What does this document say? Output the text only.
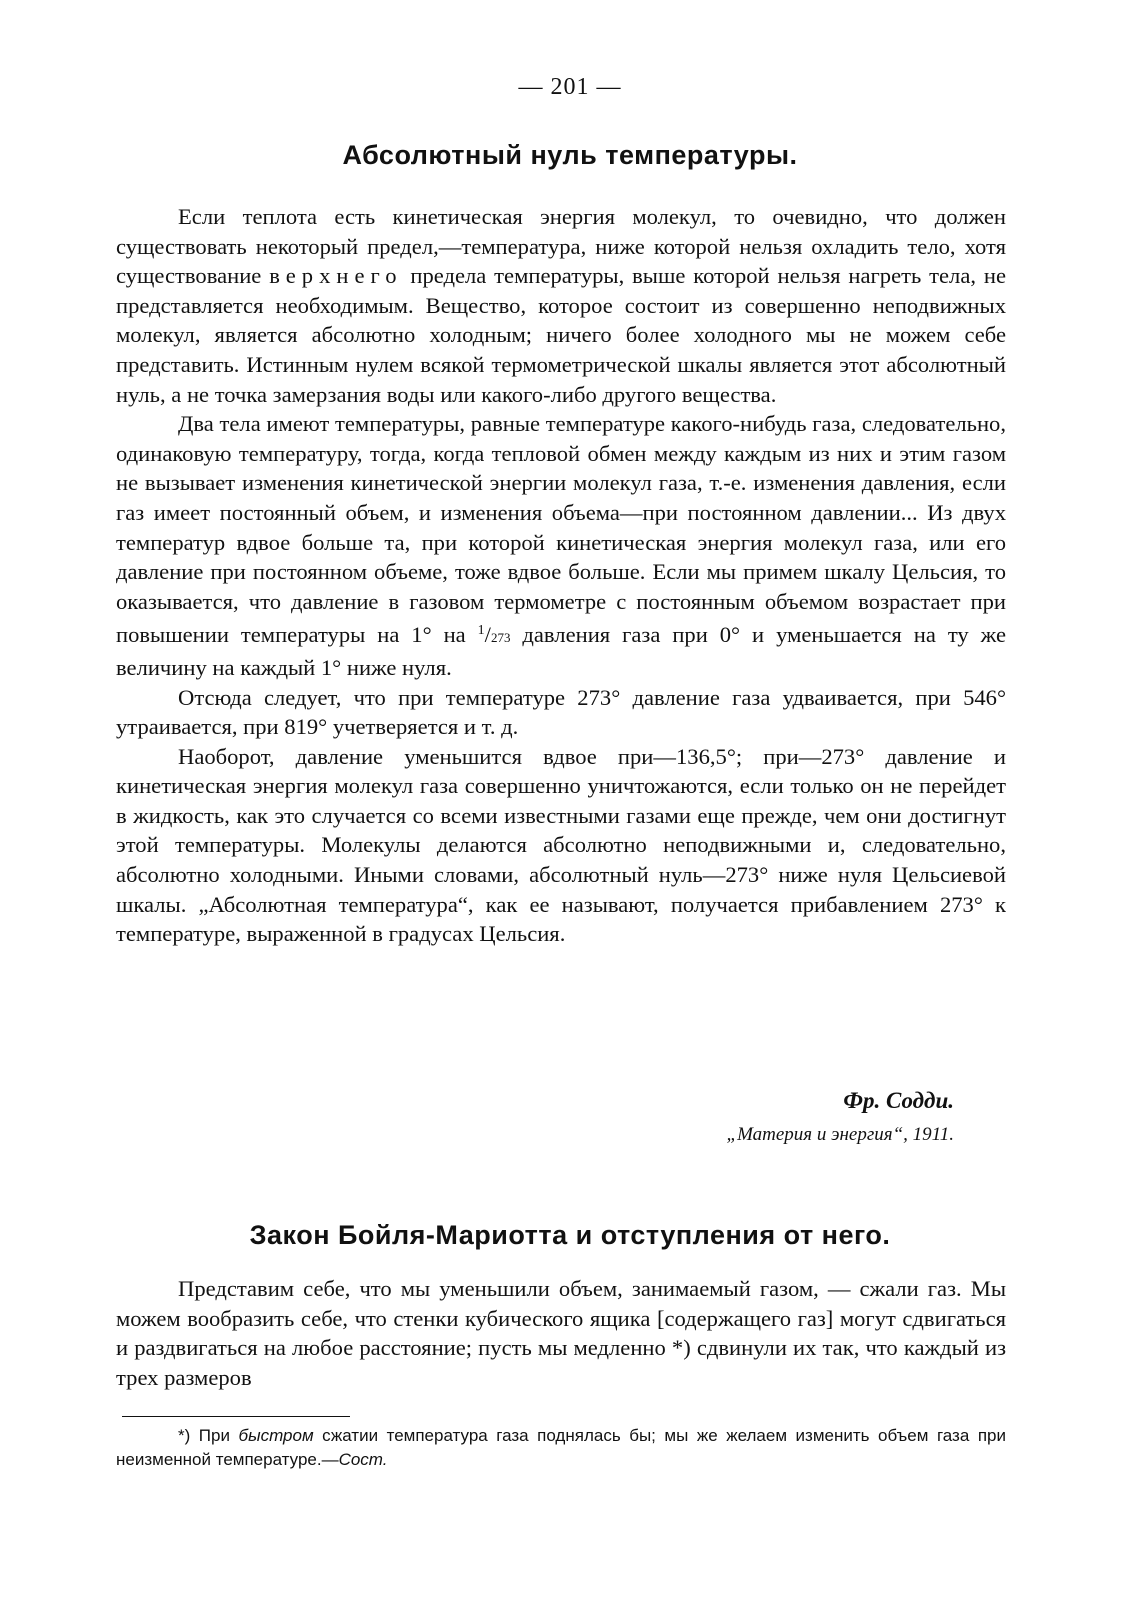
— 201 —
Абсолютный нуль температуры.

Если теплота есть кинетическая энергия молекул, то очевидно, что должен существовать некоторый предел,—температура, ниже которой нельзя охладить тело, хотя существование верхнего предела температуры, выше которой нельзя нагреть тела, не представляется необходимым. Вещество, которое состоит из совершенно неподвижных молекул, является абсолютно холодным; ничего более холодного мы не можем себе представить. Истинным нулем всякой термометрической шкалы является этот абсолютный нуль, а не точка замерзания воды или какого-либо другого вещества.

Два тела имеют температуры, равные температуре какого-нибудь газа, следовательно, одинаковую температуру, тогда, когда тепловой обмен между каждым из них и этим газом не вызывает изменения кинетической энергии молекул газа, т.-е. изменения давления, если газ имеет постоянный объем, и изменения объема—при постоянном давлении... Из двух температур вдвое больше та, при которой кинетическая энергия молекул газа, или его давление при постоянном объеме, тоже вдвое больше. Если мы примем шкалу Цельсия, то оказывается, что давление в газовом термометре с постоянным объемом возрастает при повышении температуры на 1° на $^1$/273 давления газа при 0° и уменьшается на ту же величину на каждый 1° ниже нуля.

Отсюда следует, что при температуре 273° давление газа удваивается, при 546° утраивается, при 819° учетверяется и т. д.

Наоборот, давление уменьшится вдвое при—136,5°; при—273° давление и кинетическая энергия молекул газа совершенно уничтожаются, если только он не перейдет в жидкость, как это случается со всеми известными газами еще прежде, чем они достигнут этой температуры. Молекулы делаются абсолютно неподвижными и, следовательно, абсолютно холодными. Иными словами, абсолютный нуль—273° ниже нуля Цельсиевой шкалы. „Абсолютная температура“, как ее называют, получается прибавлением 273° к температуре, выраженной в градусах Цельсия.

Фр. Содди.

„Материя и энергия“, 1911.

Закон Бойля-Мариотта и отступления от него.

Представим себе, что мы уменьшили объем, занимаемый газом, — сжали газ. Мы можем вообразить себе, что стенки кубического ящика [содержащего газ] могут сдвигаться и раздвигаться на любое расстояние; пусть мы медленно *) сдвинули их так, что каждый из трех размеров

*) При быстром сжатии температура газа поднялась бы; мы же желаем изменить объем газа при неизменной температуре.—Сост.
